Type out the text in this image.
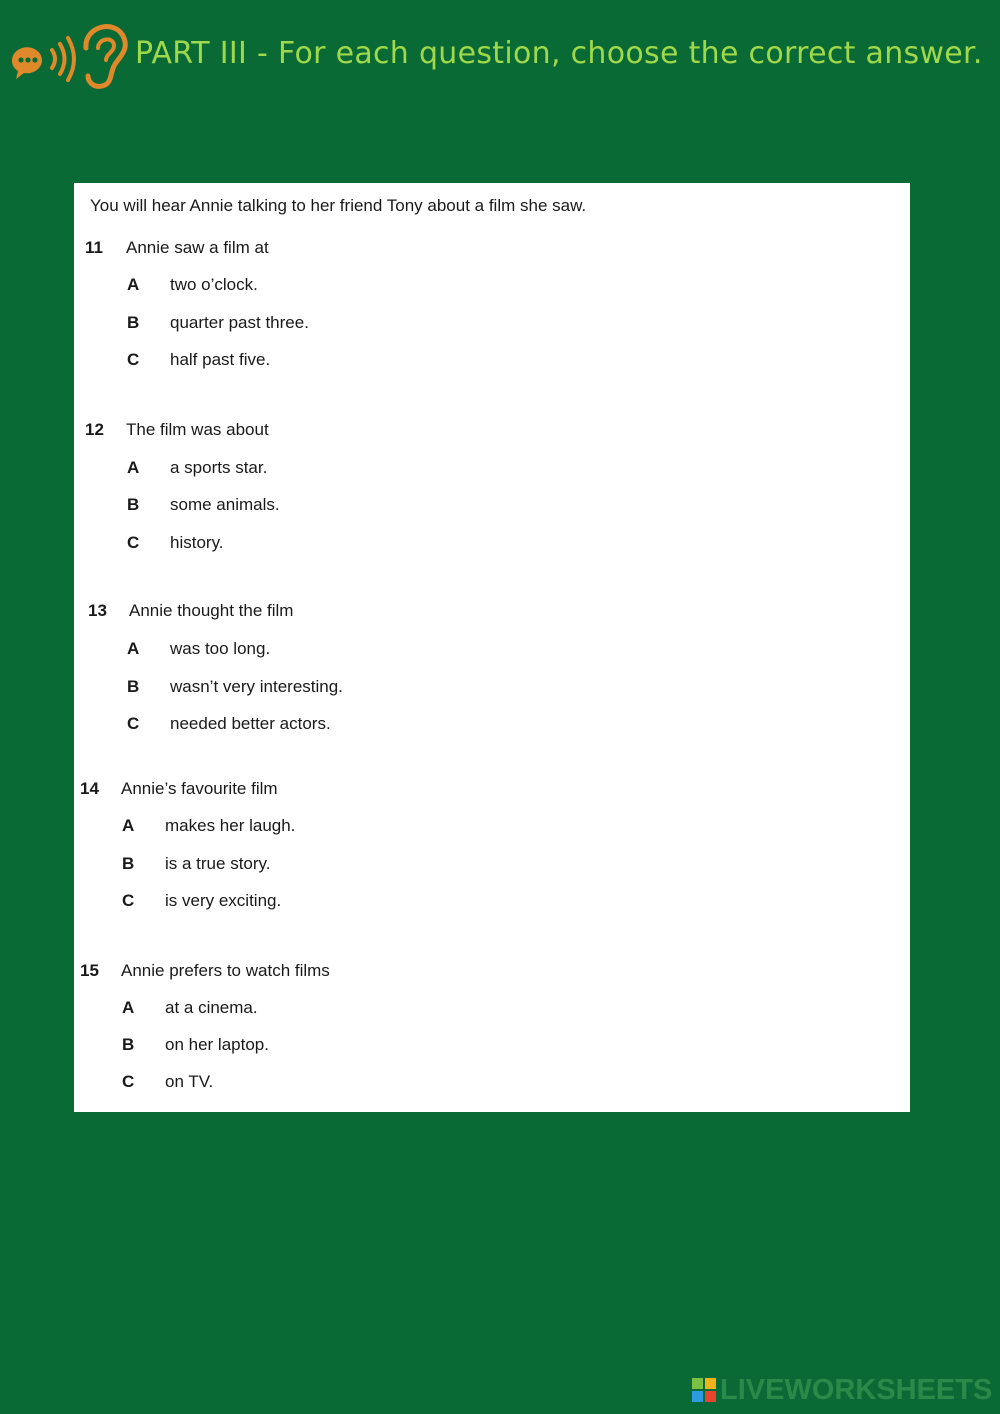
PART III - For each question, choose the correct answer.
You will hear Annie talking to her friend Tony about a film she saw.
11 Annie saw a film at
A two o’clock.
B quarter past three.
C half past five.
12 The film was about
A a sports star.
B some animals.
C history.
13 Annie thought the film
A was too long.
B wasn’t very interesting.
C needed better actors.
14 Annie’s favourite film
A makes her laugh.
B is a true story.
C is very exciting.
15 Annie prefers to watch films
A at a cinema.
B on her laptop.
C on TV.
LIVEWORKSHEETS
